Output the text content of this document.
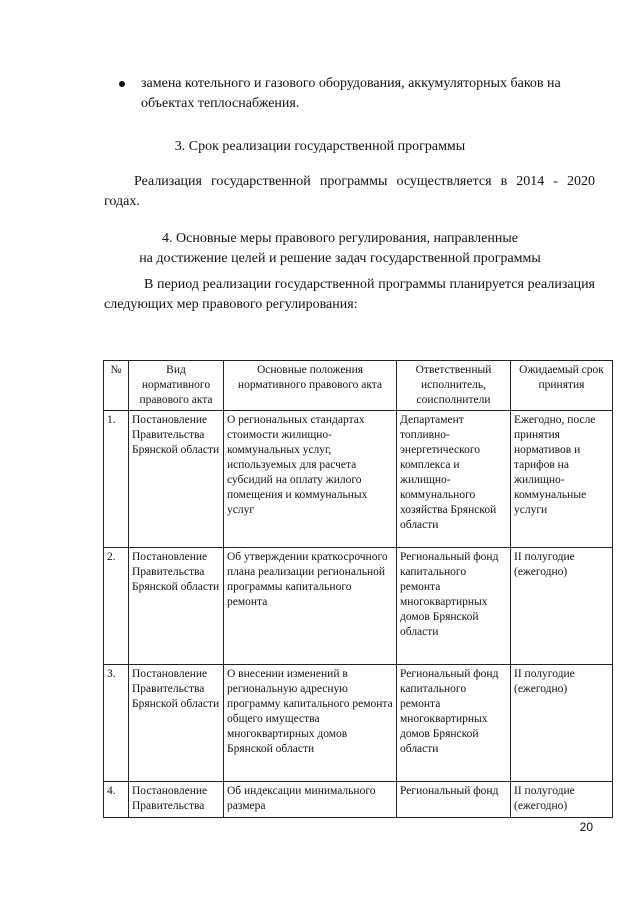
замена котельного и газового оборудования, аккумуляторных баков на объектах теплоснабжения.
3. Срок реализации государственной программы
Реализация государственной программы осуществляется в 2014 - 2020 годах.
4. Основные меры правового регулирования, направленные
на достижение целей и решение задач государственной программы
В период реализации государственной программы планируется реализация следующих мер правового регулирования:
№	Вид нормативного правового акта	Основные положения нормативного правового акта	Ответственный исполнитель, соисполнители	Ожидаемый срок принятия
1.	Постановление Правительства Брянской области	О региональных стандартах стоимости жилищно-коммунальных услуг, используемых для расчета субсидий на оплату жилого помещения и коммунальных услуг	Департамент топливно-энергетического комплекса и жилищно-коммунального хозяйства Брянской области	Ежегодно, после принятия нормативов и тарифов на жилищно-коммунальные услуги
2.	Постановление Правительства Брянской области	Об утверждении краткосрочного плана реализации региональной программы капитального ремонта	Региональный фонд капитального ремонта многоквартирных домов Брянской области	II полугодие (ежегодно)
3.	Постановление Правительства Брянской области	О внесении изменений в региональную адресную программу капитального ремонта общего имущества многоквартирных домов Брянской области	Региональный фонд капитального ремонта многоквартирных домов Брянской области	II полугодие (ежегодно)
4.	Постановление Правительства	Об индексации минимального размера	Региональный фонд	II полугодие (ежегодно)
20
